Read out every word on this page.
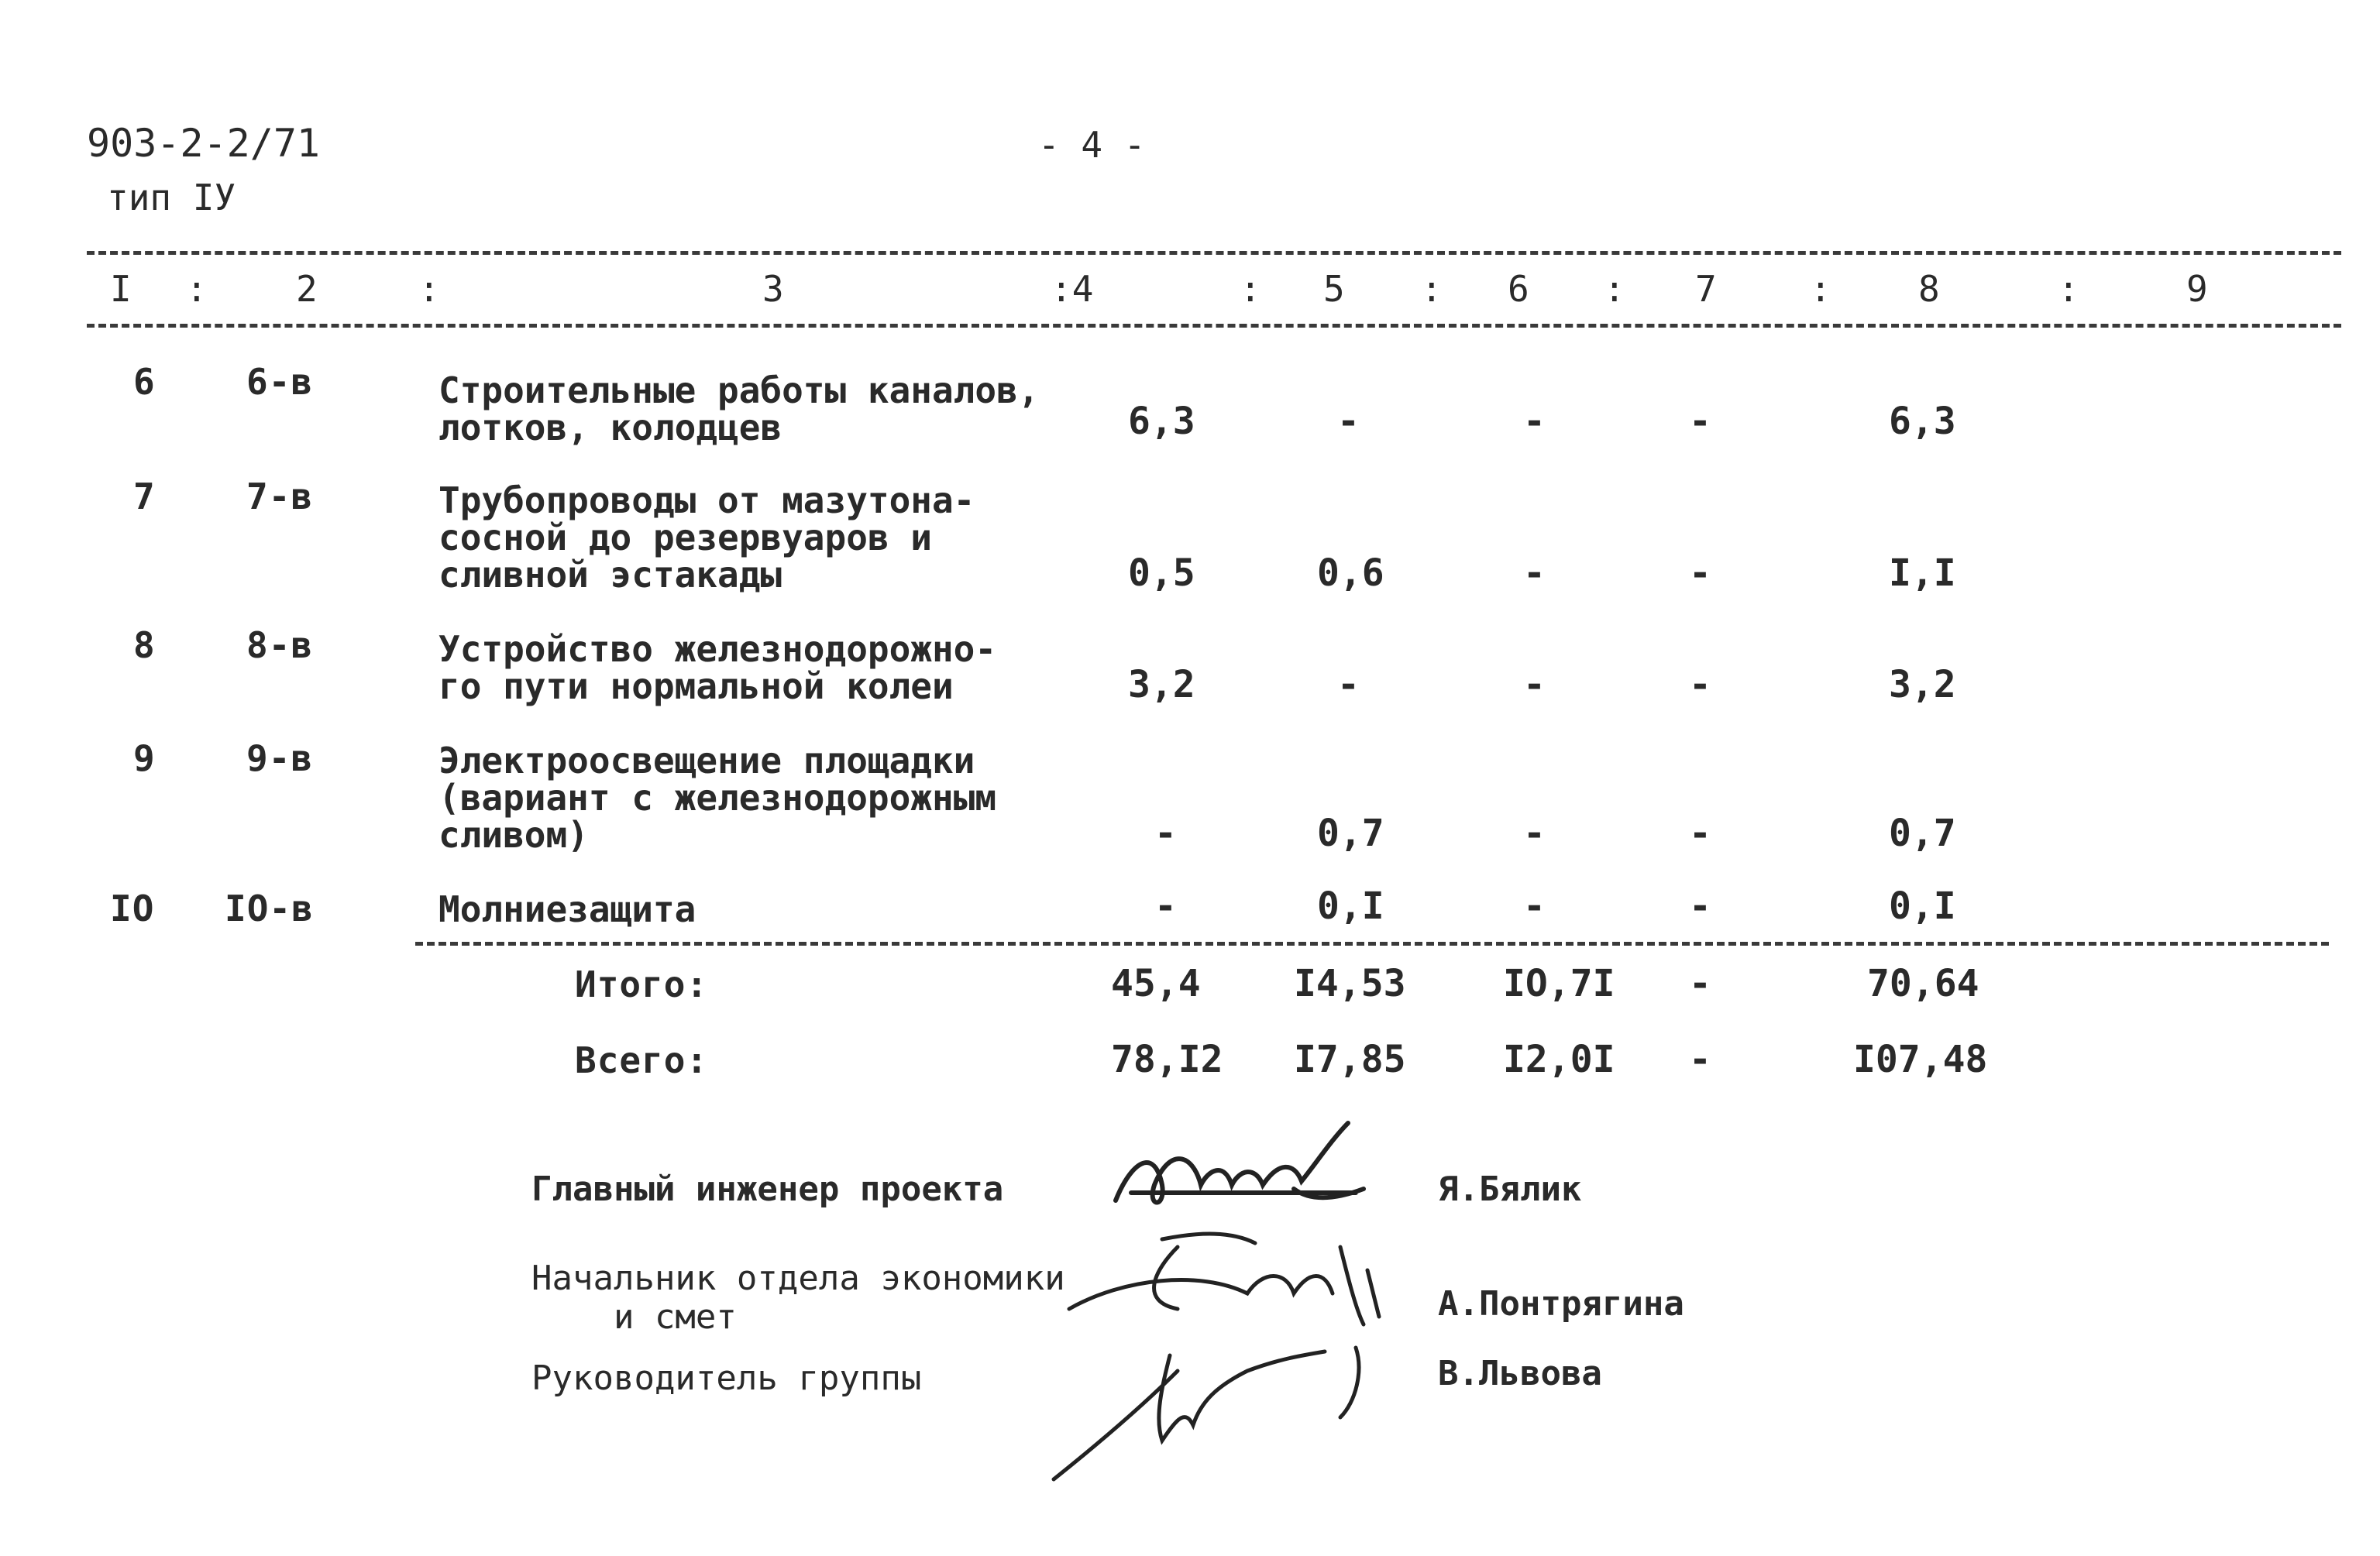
903-2-2/71
тип IУ
- 4 -
I : 2	:	3	:4	: 5 : 6 : 7	: 8	:	9
6	6-в	Строительные работы каналов,
лотков, колодцев	6,3	-	-	-	6,3
7	7-в	Трубопроводы от мазутона-
сосной до резервуаров и
сливной эстакады	0,5	0,6	-	-	I,I
8	8-в	Устройство железнодорожно-
го пути нормальной колеи	3,2	-	-	-	3,2
9	9-в	Электроосвещение площадки
(вариант с железнодорожным
сливом)	-	0,7	-	-	0,7
IO IO-в	Молниезащита	-	0,I	-	-	0,I
Итого:	45,4	I4,53	IO,7I -	70,64
Всего:	78,I2 I7,85	I2,0I -	I07,48
Главный инженер проекта	Я.Бялик
Начальник отдела экономики
и смет	А.Понтрягина
Руководитель группы	В.Львова
